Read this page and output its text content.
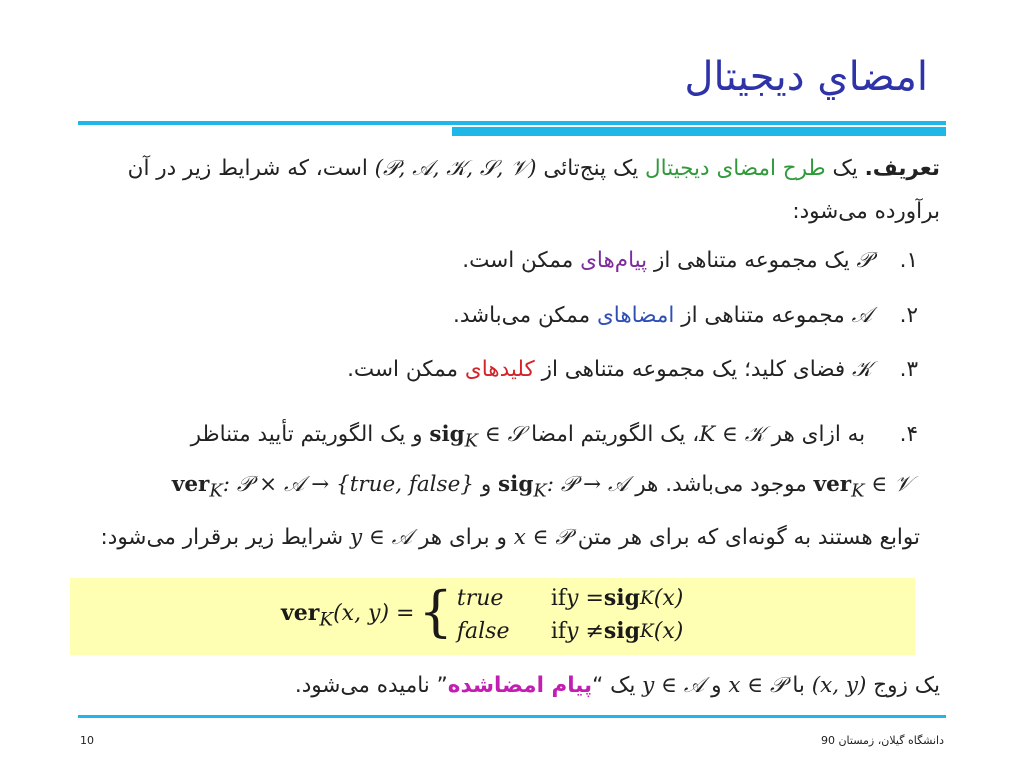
امضاي ديجيتال
تعریف. یک طرح امضای دیجیتال یک پنج‌تائی (𝒫, 𝒜, 𝒦, 𝒮, 𝒱) است، که شرایط زیر در آن
برآورده می‌شود:
۱.𝒫 یک مجموعه متناهی از پیام‌های ممکن است.
۲.𝒜 مجموعه متناهی از امضاهای ممکن می‌باشد.
۳.𝒦 فضای کلید؛ یک مجموعه متناهی از کلیدهای ممکن است.
۴. به ازای هر K ∈ 𝒦، یک الگوریتم امضا sig$_K$ ∈ 𝒮 و یک الگوریتم تأیید متناظر
ver$_K$ ∈ 𝒱 موجود می‌باشد. هر sig$_K$: 𝒫 → 𝒜 و ver$_K$: 𝒫 × 𝒜 → {true, false}
توابع هستند به گونه‌ای که برای هر متن x ∈ 𝒫 و برای هر y ∈ 𝒜 شرایط زیر برقرار می‌شود:
ver$_K$(x, y) = { true	if y = sig K (x)
false	if y ≠ sig K (x)
یک زوج (x, y) با x ∈ 𝒫 و y ∈ 𝒜 یک “پیام امضاشده” نامیده می‌شود.
10	دانشگاه گيلان، زمستان 90
